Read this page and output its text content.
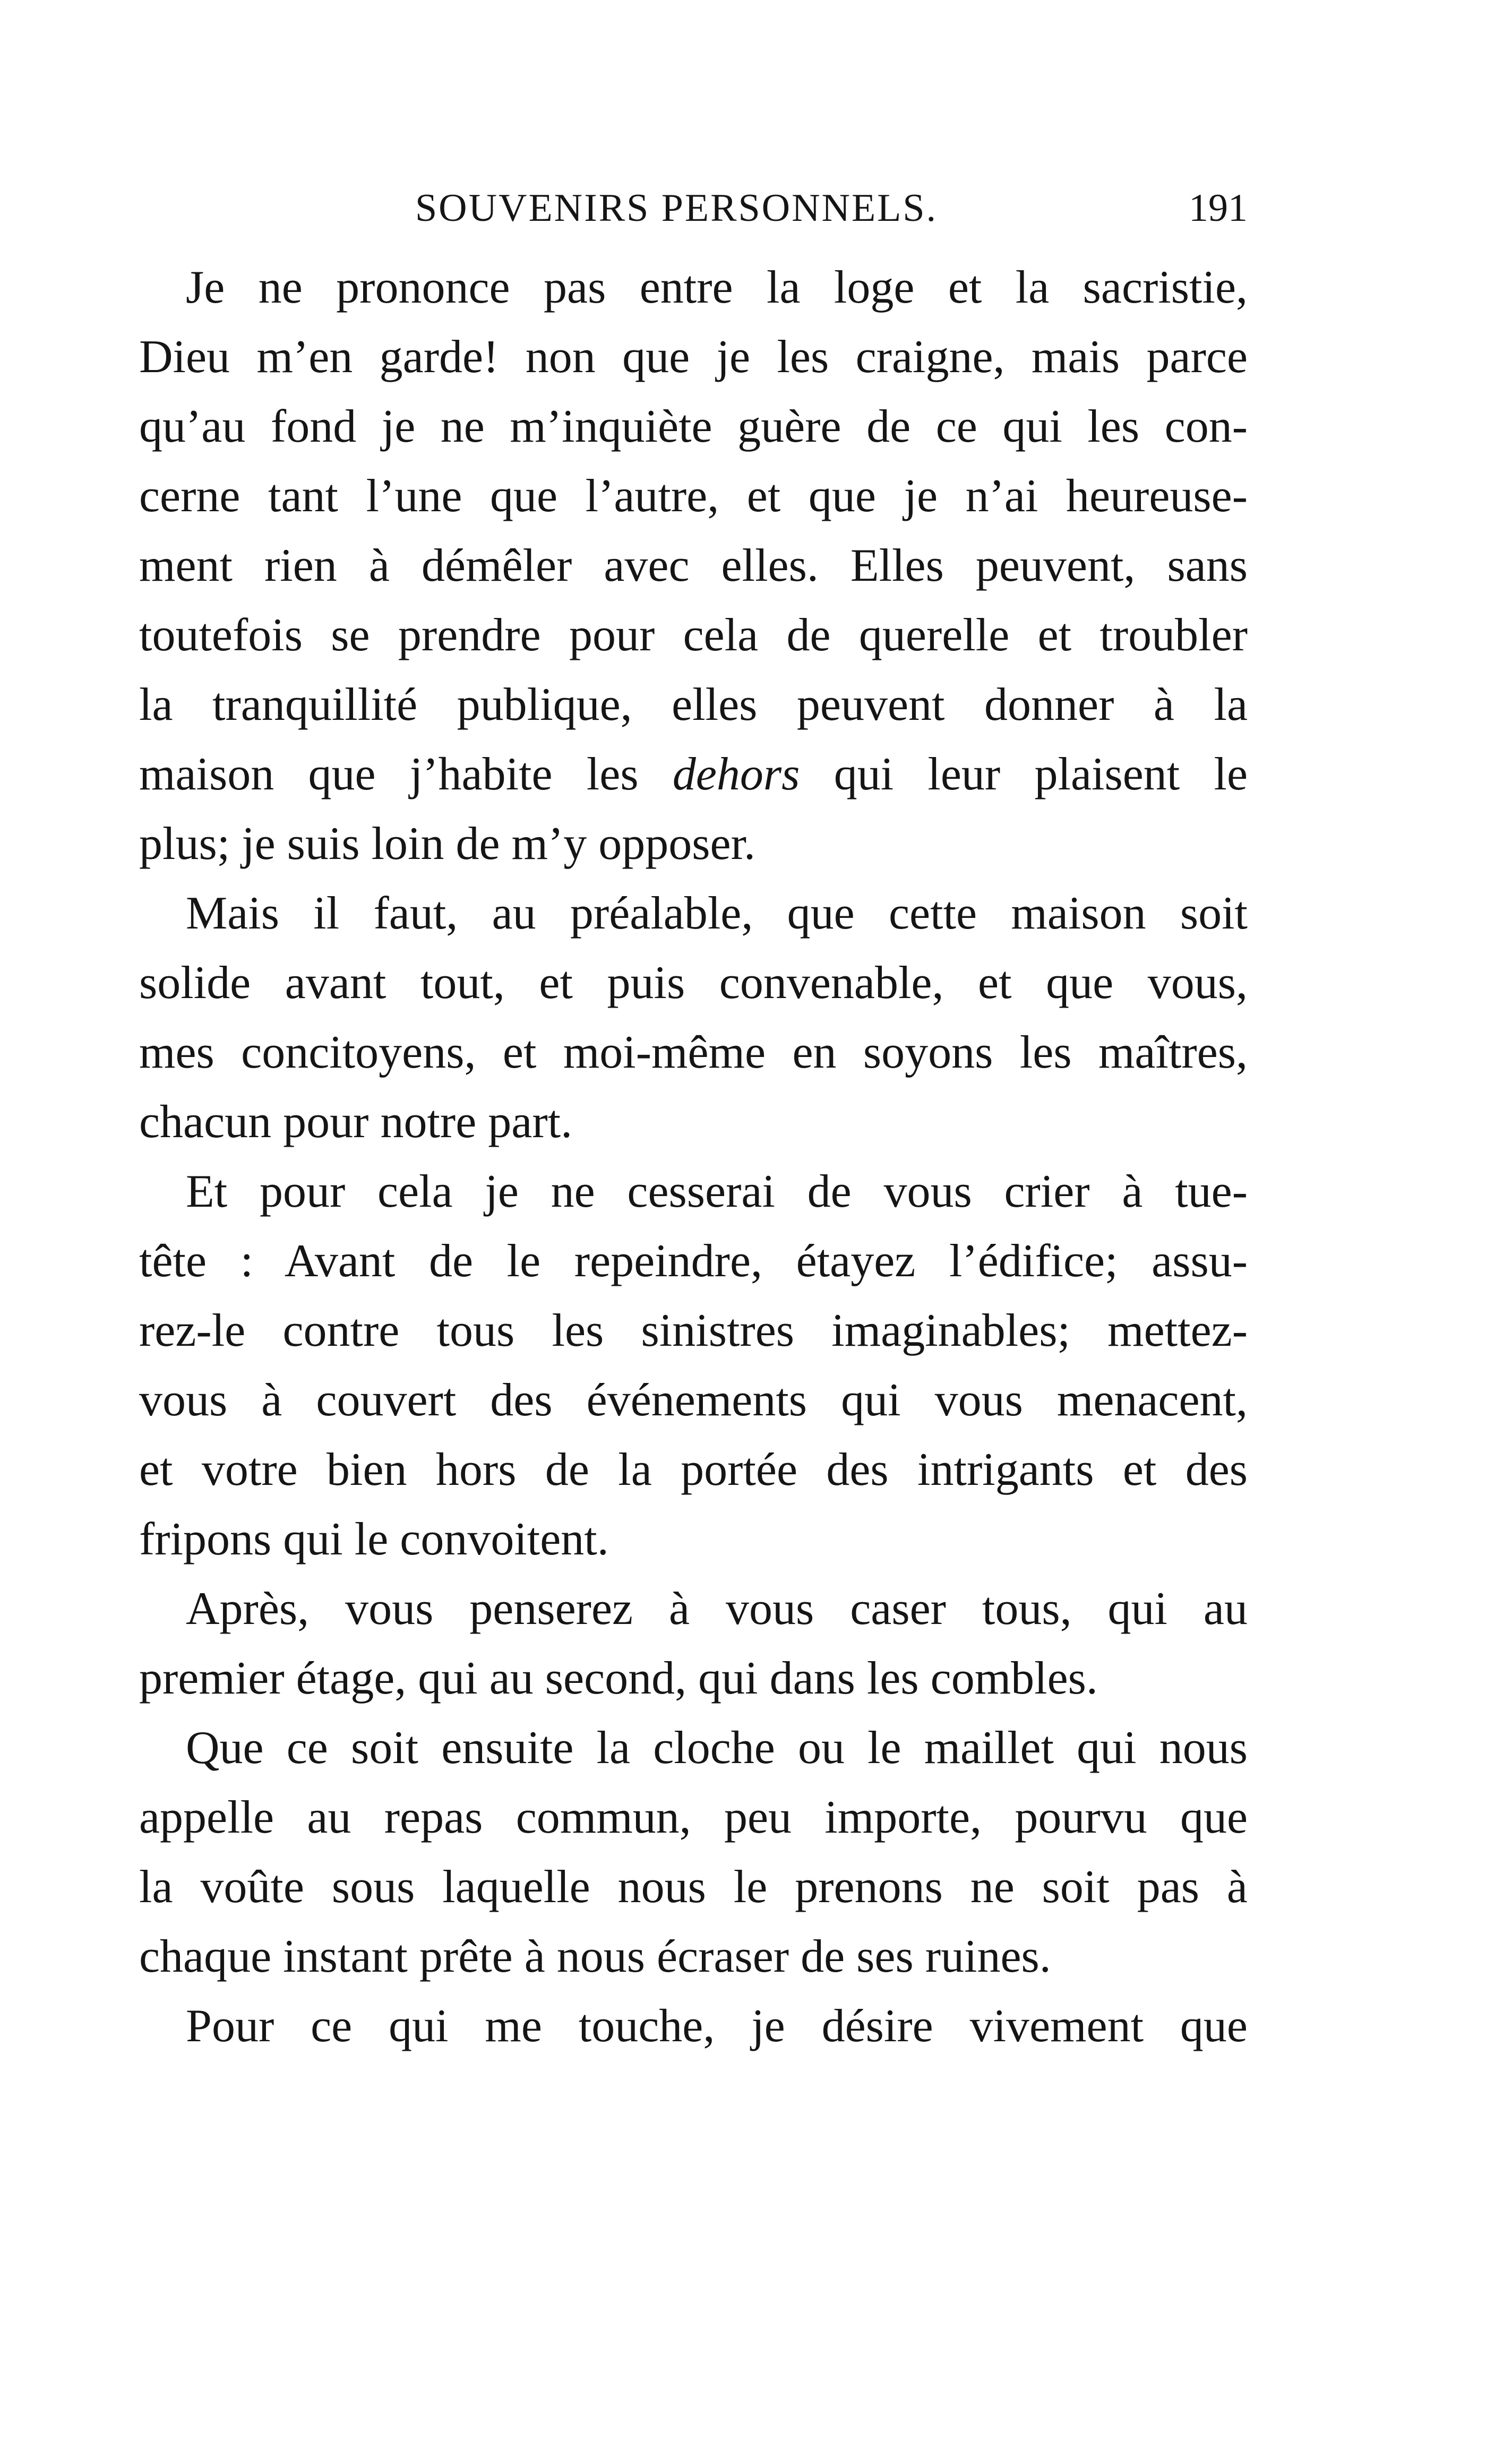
SOUVENIRS PERSONNELS.	191
Je ne prononce pas entre la loge et la sacristie,
Dieu m’en garde! non que je les craigne, mais parce
qu’au fond je ne m’inquiète guère de ce qui les con-
cerne tant l’une que l’autre, et que je n’ai heureuse-
ment rien à démêler avec elles. Elles peuvent, sans
toutefois se prendre pour cela de querelle et troubler
la tranquillité publique, elles peuvent donner à la
maison que j’habite les dehors qui leur plaisent le
plus; je suis loin de m’y opposer.
Mais il faut, au préalable, que cette maison soit
solide avant tout, et puis convenable, et que vous,
mes concitoyens, et moi-même en soyons les maîtres,
chacun pour notre part.
Et pour cela je ne cesserai de vous crier à tue-
tête : Avant de le repeindre, étayez l’édifice; assu-
rez-le contre tous les sinistres imaginables; mettez-
vous à couvert des événements qui vous menacent,
et votre bien hors de la portée des intrigants et des
fripons qui le convoitent.
Après, vous penserez à vous caser tous, qui au
premier étage, qui au second, qui dans les combles.
Que ce soit ensuite la cloche ou le maillet qui nous
appelle au repas commun, peu importe, pourvu que
la voûte sous laquelle nous le prenons ne soit pas à
chaque instant prête à nous écraser de ses ruines.
Pour ce qui me touche, je désire vivement que
